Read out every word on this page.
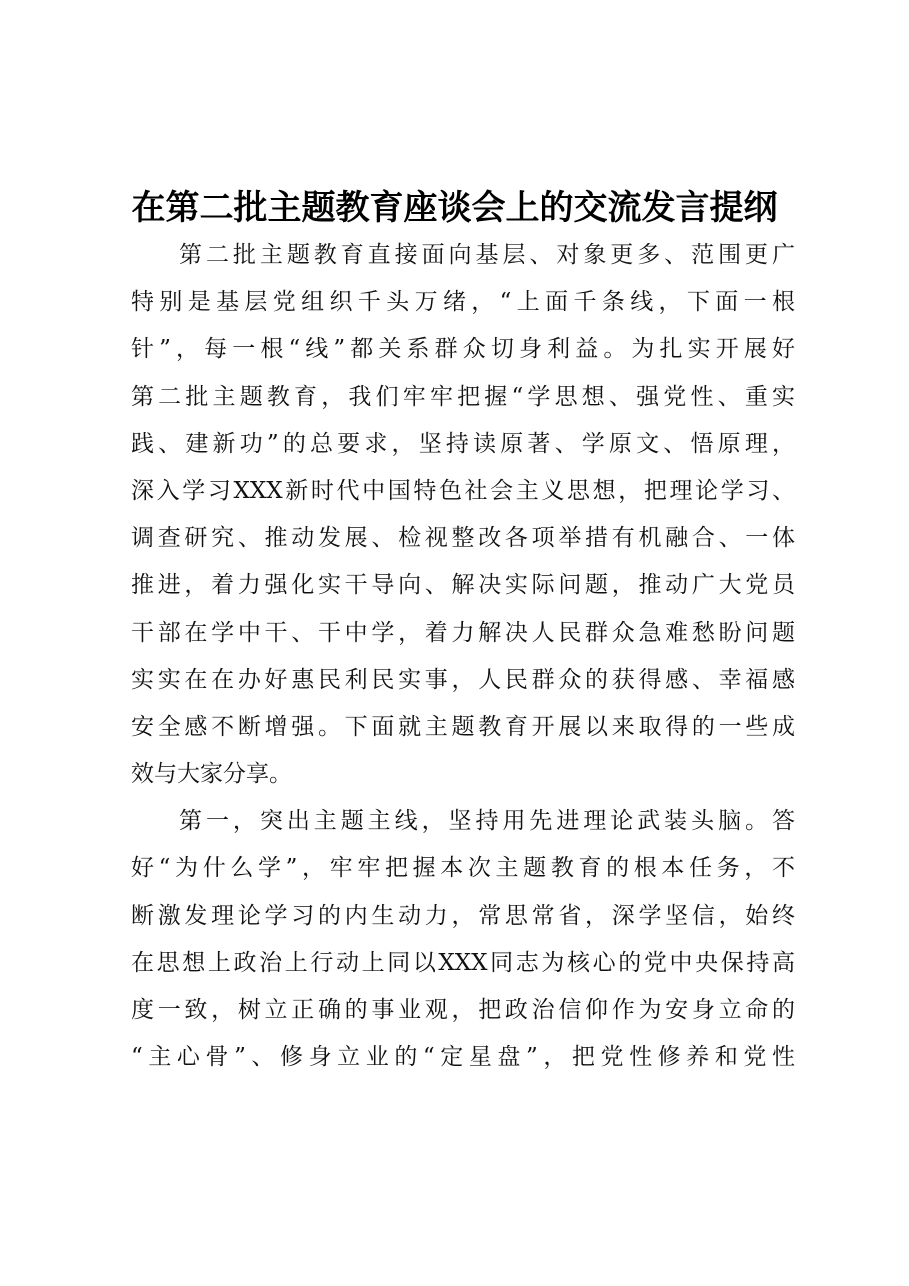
在第二批主题教育座谈会上的交流发言提纲
第二批主题教育直接面向基层、对象更多、范围更广
特别是基层党组织千头万绪，“上面千条线，下面一根
针”，每一根“线”都关系群众切身利益。为扎实开展好
第二批主题教育，我们牢牢把握“学思想、强党性、重实
践、建新功”的总要求，坚持读原著、学原文、悟原理，
深入学习XXX新时代中国特色社会主义思想，把理论学习、
调查研究、推动发展、检视整改各项举措有机融合、一体
推进，着力强化实干导向、解决实际问题，推动广大党员
干部在学中干、干中学，着力解决人民群众急难愁盼问题
实实在在办好惠民利民实事，人民群众的获得感、幸福感
安全感不断增强。下面就主题教育开展以来取得的一些成
效与大家分享。
第一，突出主题主线，坚持用先进理论武装头脑。答
好“为什么学”，牢牢把握本次主题教育的根本任务，不
断激发理论学习的内生动力，常思常省，深学坚信，始终
在思想上政治上行动上同以XXX同志为核心的党中央保持高
度一致，树立正确的事业观，把政治信仰作为安身立命的
“主心骨”、修身立业的“定星盘”，把党性修养和党性
